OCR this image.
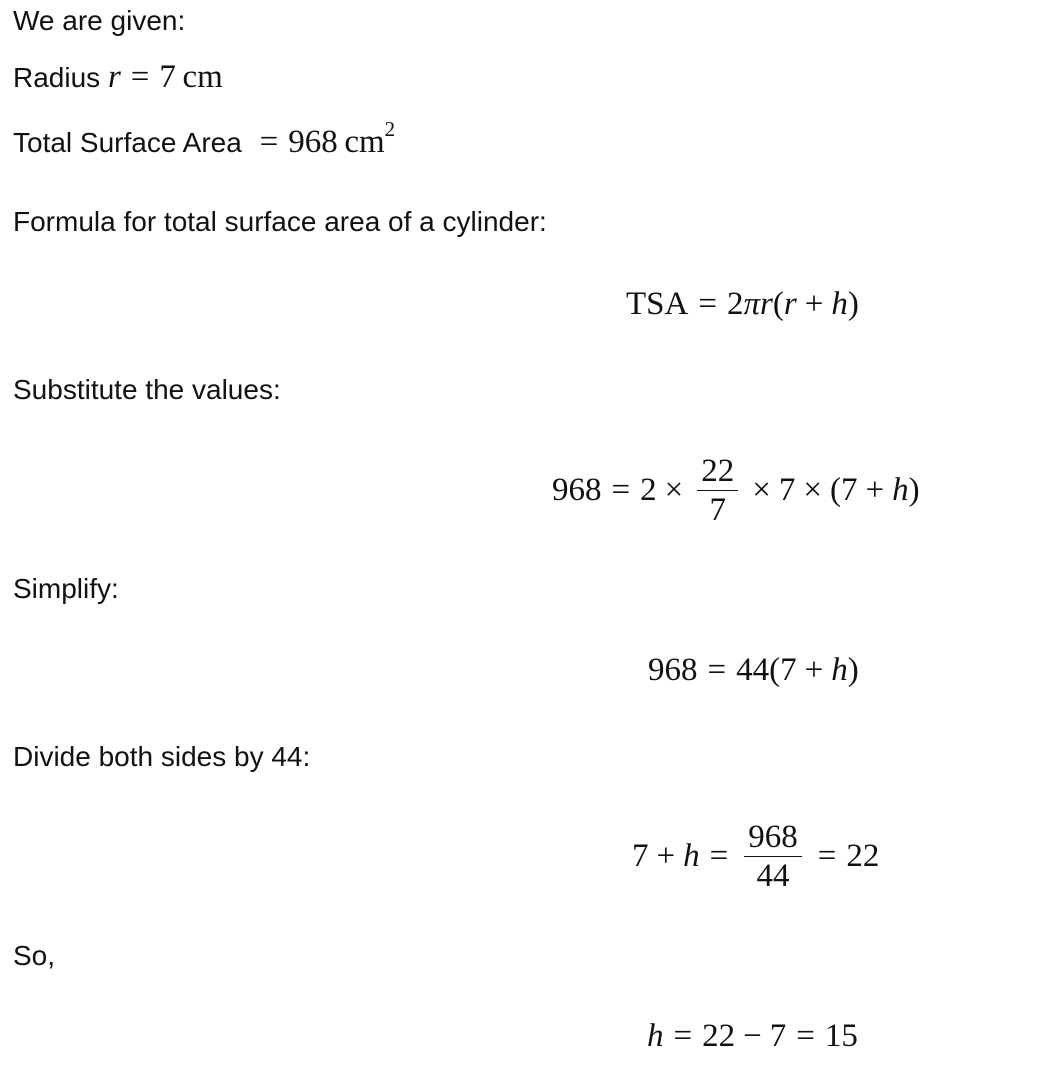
We are given:
Radius r = 7  cm
Total Surface Area = 968  $cm^2$
Formula for total surface area of a cylinder:
TSA = 2 π r ( r + h )
Substitute the values:
$968 = 2 \times \frac{22}{7} \times 7 \times (7 + h$ )
Simplify:
968 = 44(7 + h )
Divide both sides by 44:
$7 + h = \frac{968}{44} = 22$
So,
h = 22 − 7 = 15
